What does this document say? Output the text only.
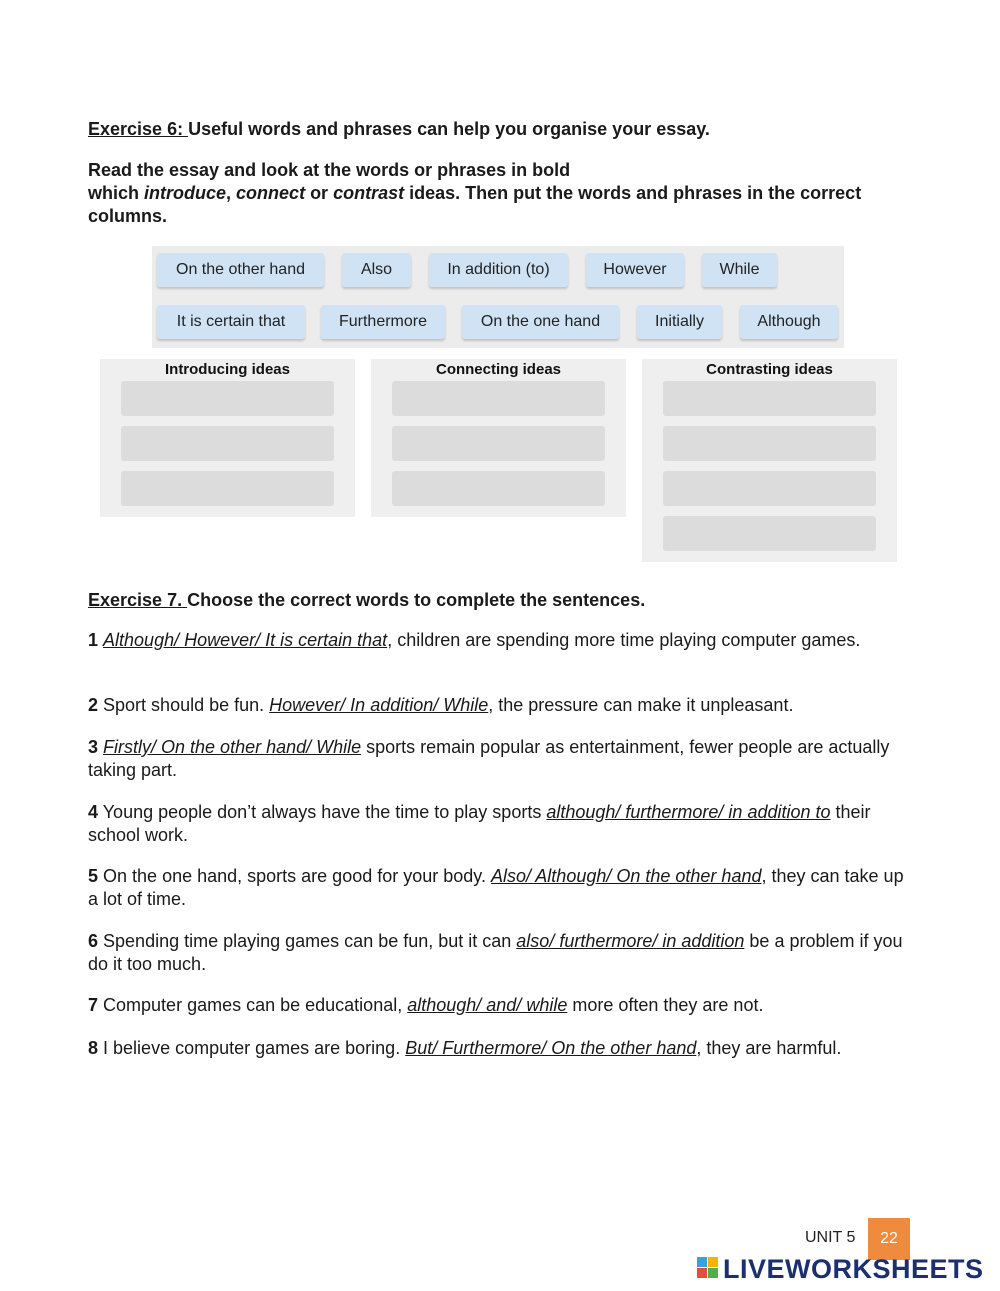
Exercise 6: Useful words and phrases can help you organise your essay.
Read the essay and look at the words or phrases in bold
which introduce, connect or contrast ideas. Then put the words and phrases in the correct columns.
On the other hand	Also	In addition (to)	However	While
It is certain that	Furthermore	On the one hand	Initially	Although
Introducing ideas	Connecting ideas	Contrasting ideas
Exercise 7. Choose the correct words to complete the sentences.
1 Although/ However/ It is certain that, children are spending more time playing computer games.
2 Sport should be fun. However/ In addition/ While, the pressure can make it unpleasant.
3 Firstly/ On the other hand/ While sports remain popular as entertainment, fewer people are actually taking part.
4 Young people don’t always have the time to play sports although/ furthermore/ in addition to their school work.
5 On the one hand, sports are good for your body. Also/ Although/ On the other hand, they can take up a lot of time.
6 Spending time playing games can be fun, but it can also/ furthermore/ in addition be a problem if you do it too much.
7 Computer games can be educational, although/ and/ while more often they are not.
8 I believe computer games are boring. But/ Furthermore/ On the other hand, they are harmful.
UNIT 5	22
LIVEWORKSHEETS
